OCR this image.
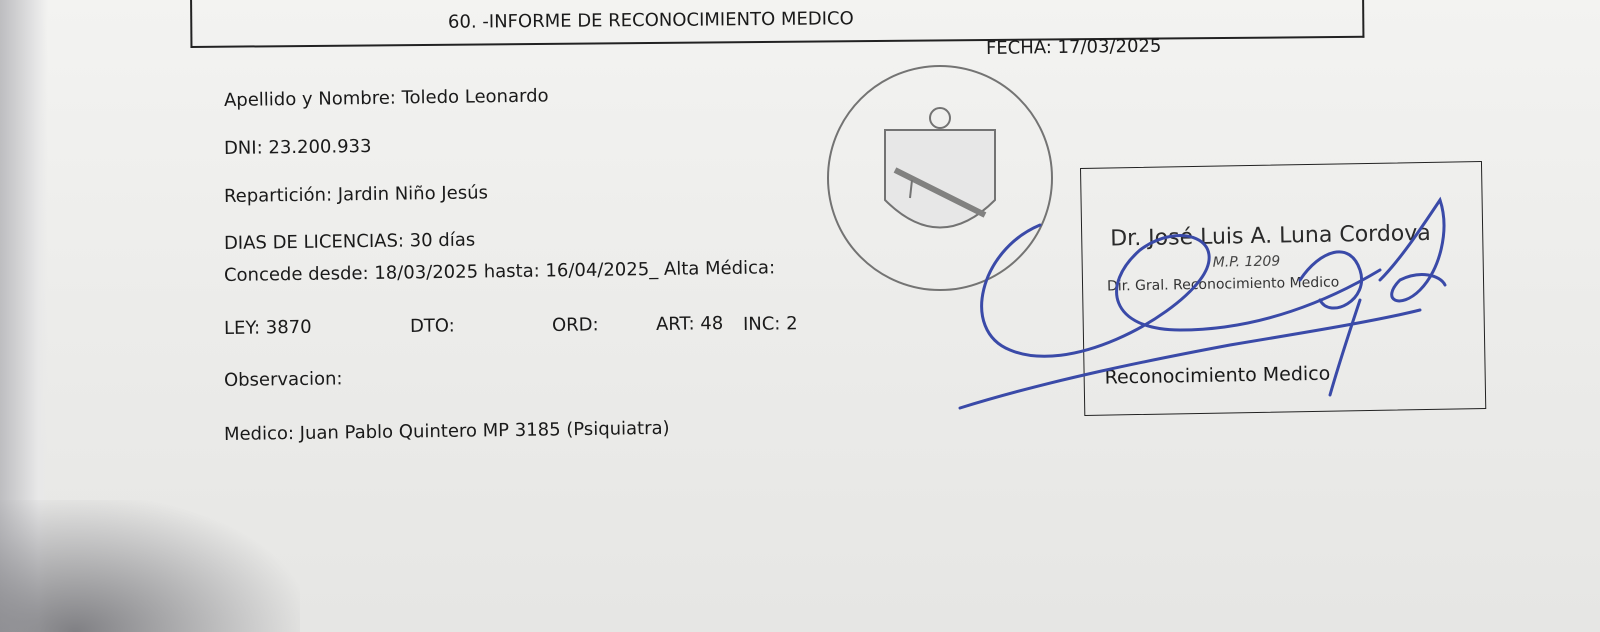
60. -INFORME DE RECONOCIMIENTO MEDICO
FECHA: 17/03/2025
Apellido y Nombre: Toledo Leonardo
DNI: 23.200.933
Repartición: Jardin Niño Jesús
DIAS DE LICENCIAS: 30 días
Concede desde: 18/03/2025 hasta: 16/04/2025_ Alta Médica:
LEY: 3870	DTO:	ORD:	ART: 48 INC: 2
Observacion:
Medico: Juan Pablo Quintero MP 3185 (Psiquiatra)
Dr. José Luis A. Luna Cordova
M.P. 1209
Dir. Gral. Reconocimiento Medico
Reconocimiento Medico
